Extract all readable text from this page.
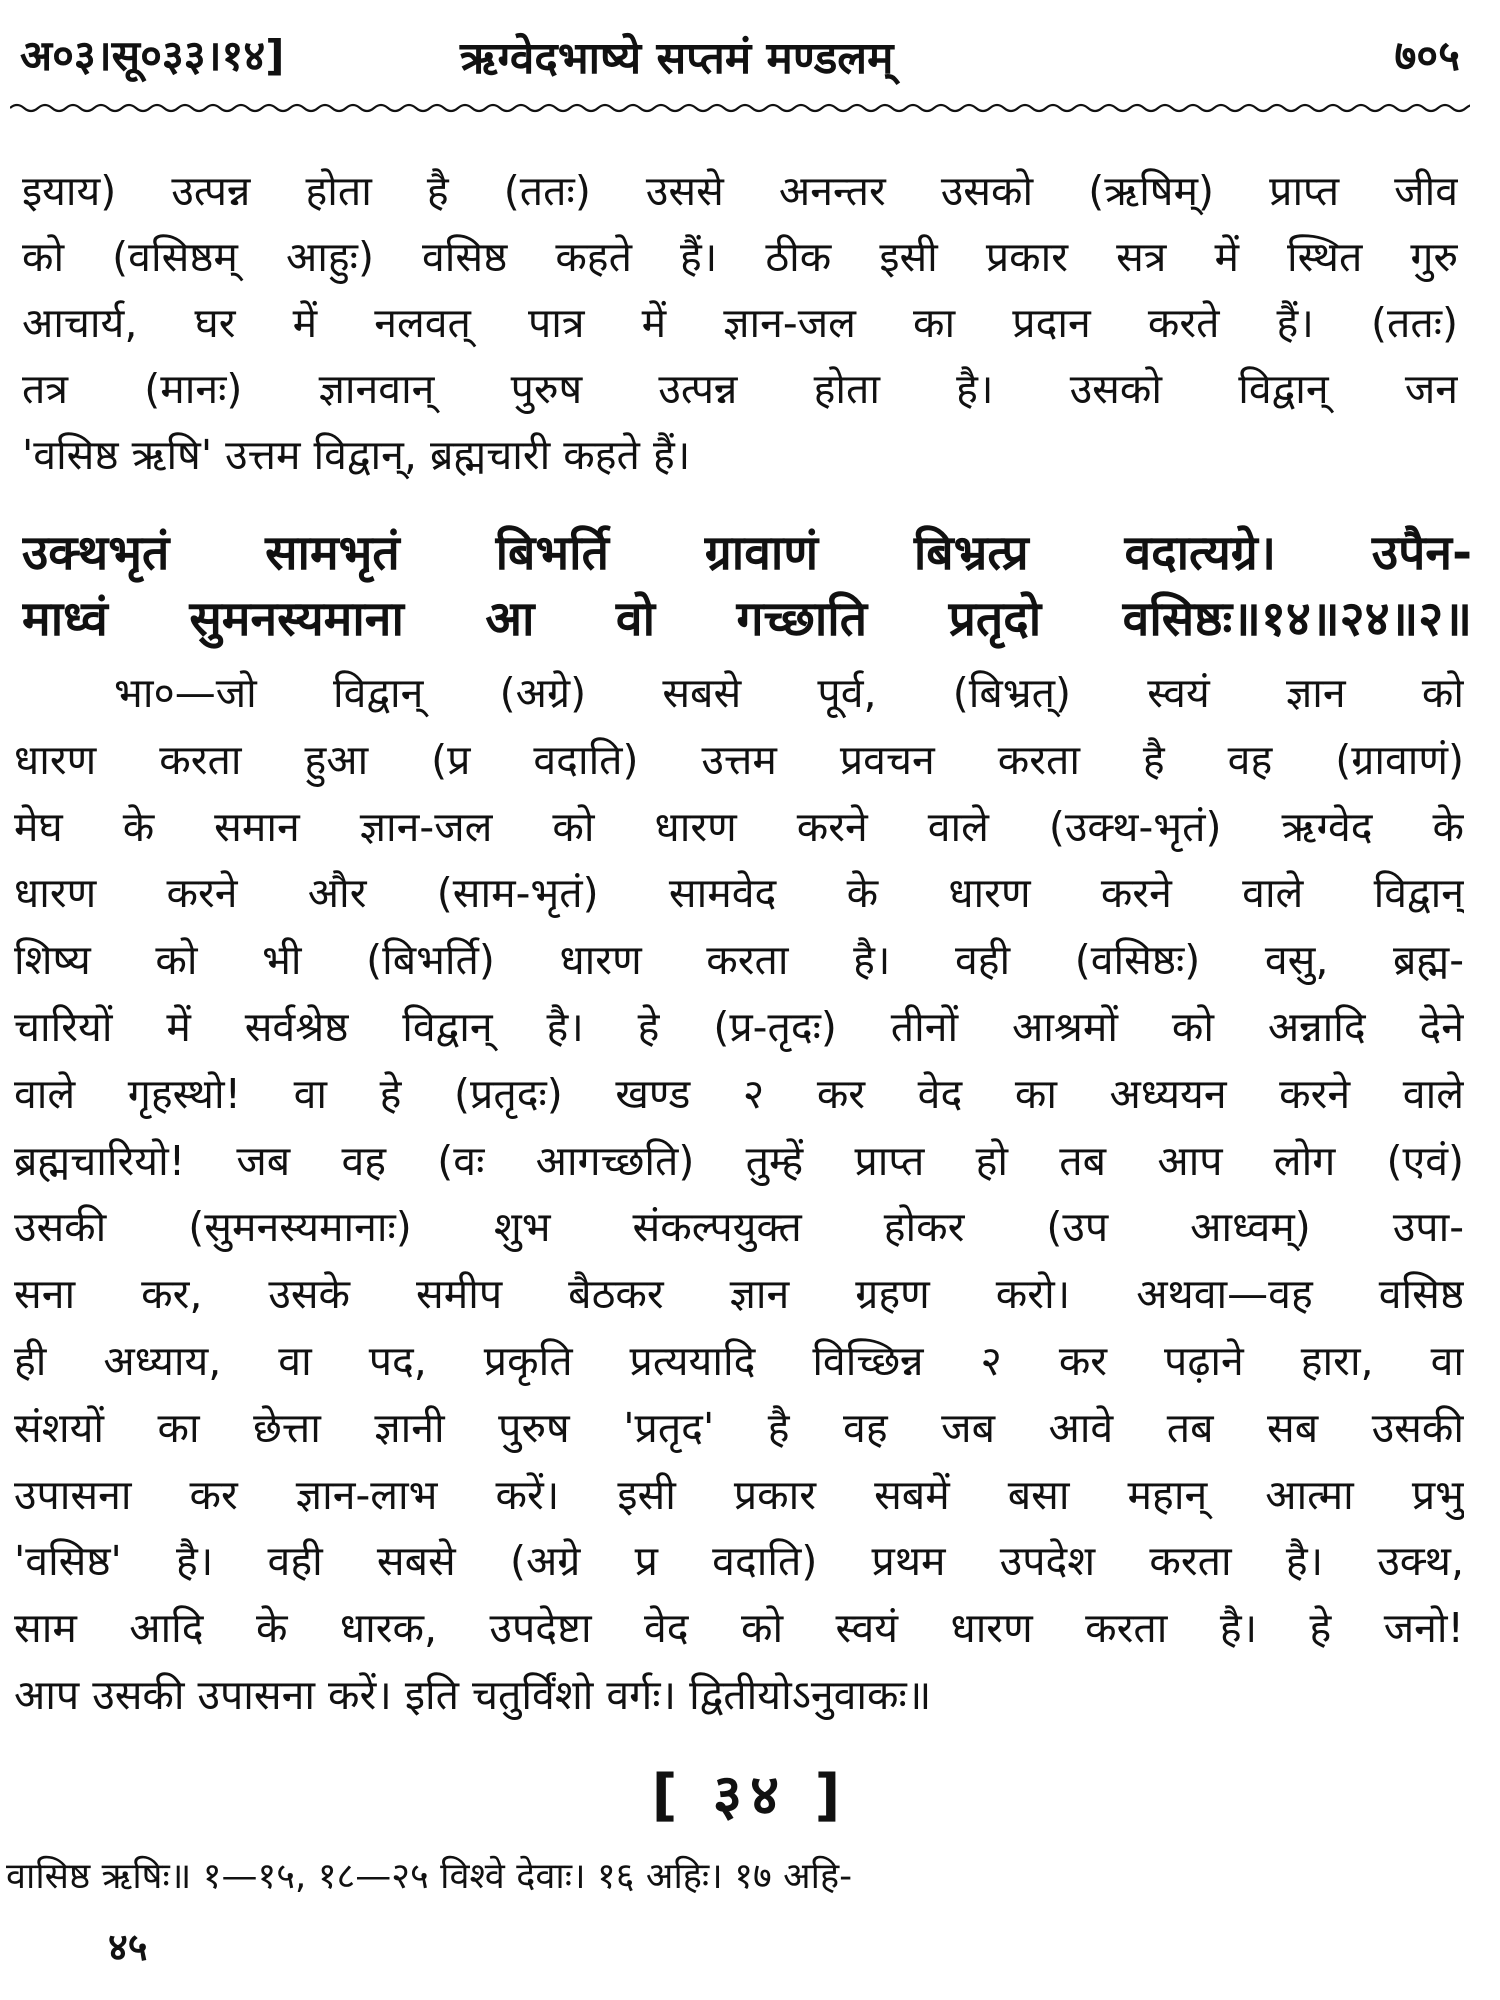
अ०३।सू०३३।१४]	ऋग्वेदभाष्ये सप्तमं मण्डलम्	७०५
इयाय) उत्पन्न होता है (ततः) उससे अनन्तर उसको (ऋषिम्) प्राप्त जीव
को (वसिष्ठम् आहुः) वसिष्ठ कहते हैं। ठीक इसी प्रकार सत्र में स्थित गुरु
आचार्य, घर में नलवत् पात्र में ज्ञान-जल का प्रदान करते हैं। (ततः)
तत्र (मानः) ज्ञानवान् पुरुष उत्पन्न होता है। उसको विद्वान् जन
'वसिष्ठ ऋषि' उत्तम विद्वान्, ब्रह्मचारी कहते हैं।
उक्थभृतं सामभृतं बिभर्ति ग्रावाणं बिभ्रत्प्र वदात्यग्रे। उपैन-
माध्वं सुमनस्यमाना आ वो गच्छाति प्रतृदो वसिष्ठः॥१४॥२४॥२॥
भा०—जो विद्वान् (अग्रे) सबसे पूर्व, (बिभ्रत्) स्वयं ज्ञान को
धारण करता हुआ (प्र वदाति) उत्तम प्रवचन करता है वह (ग्रावाणं)
मेघ के समान ज्ञान-जल को धारण करने वाले (उक्थ-भृतं) ऋग्वेद के
धारण करने और (साम-भृतं) सामवेद के धारण करने वाले विद्वान्
शिष्य को भी (बिभर्ति) धारण करता है। वही (वसिष्ठः) वसु, ब्रह्म-
चारियों में सर्वश्रेष्ठ विद्वान् है। हे (प्र-तृदः) तीनों आश्रमों को अन्नादि देने
वाले गृहस्थो! वा हे (प्रतृदः) खण्ड २ कर वेद का अध्ययन करने वाले
ब्रह्मचारियो! जब वह (वः आगच्छति) तुम्हें प्राप्त हो तब आप लोग (एवं)
उसकी (सुमनस्यमानाः) शुभ संकल्पयुक्त होकर (उप आध्वम्) उपा-
सना कर, उसके समीप बैठकर ज्ञान ग्रहण करो। अथवा—वह वसिष्ठ
ही अध्याय, वा पद, प्रकृति प्रत्ययादि विच्छिन्न २ कर पढ़ाने हारा, वा
संशयों का छेत्ता ज्ञानी पुरुष 'प्रतृद' है वह जब आवे तब सब उसकी
उपासना कर ज्ञान-लाभ करें। इसी प्रकार सबमें बसा महान् आत्मा प्रभु
'वसिष्ठ' है। वही सबसे (अग्रे प्र वदाति) प्रथम उपदेश करता है। उक्थ,
साम आदि के धारक, उपदेष्टा वेद को स्वयं धारण करता है। हे जनो!
आप उसकी उपासना करें। इति चतुर्विंशो वर्गः। द्वितीयोऽनुवाकः॥
[ ३४ ]
वासिष्ठ ऋषिः॥ १—१५, १८—२५ विश्वे देवाः। १६ अहिः। १७ अहि-
४५
